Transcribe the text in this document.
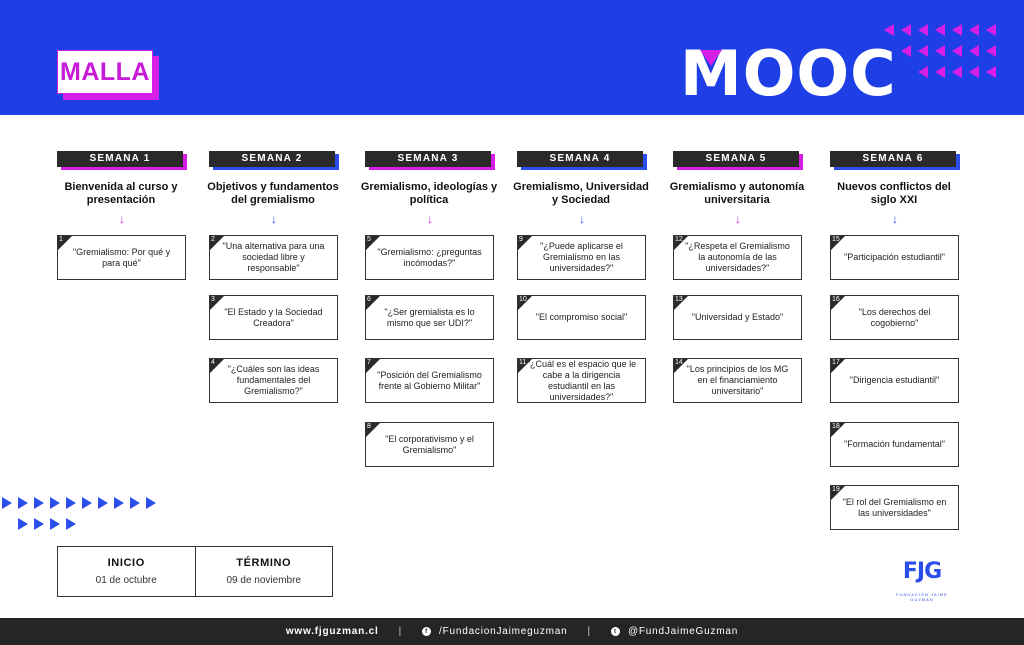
MALLA	MOOC
SEMANA 1
Bienvenida al curso y presentación
↓
1
"Gremialismo: Por qué y para qué"
SEMANA 2
Objetivos y fundamentos del gremialismo
↓
2
"Una alternativa para una sociedad libre y responsable"
3
"El Estado y la Sociedad Creadora"
4
"¿Cuáles son las ideas fundamentales del Gremialismo?"
SEMANA 3
Gremialismo, ideologías y política
↓
5
"Gremialismo: ¿preguntas incómodas?"
6
"¿Ser gremialista es lo mismo que ser UDI?"
7
"Posición del Gremialismo frente al Gobierno Militar"
8
"El corporativismo y el Gremialismo"
SEMANA 4
Gremialismo, Universidad y Sociedad
↓
9
"¿Puede aplicarse el Gremialismo en las universidades?"
10
"El compromiso social"
11 "¿Cuál es el espacio que le cabe a la dirigencia estudiantil en las universidades?"
SEMANA 5
Gremialismo y autonomía universitaria
↓
12
"¿Respeta el Gremialismo la autonomía de las universidades?"
13
"Universidad y Estado"
14
"Los principios de los MG en el financiamiento universitario"
SEMANA 6
Nuevos conflictos del siglo XXI
↓
15
"Participación estudiantil"
16
"Los derechos del cogobierno"
17
"Dirigencia estudiantil"
18
"Formación fundamental"
19
"El rol del Gremialismo en las universidades"
INICIO
01 de octubre
TÉRMINO
09 de noviembre	FJG
FUNDACIÓN JAIME GUZMÁN
www.fjguzman.cl |	f	/FundacionJaimeguzman |	t	@FundJaimeGuzman
